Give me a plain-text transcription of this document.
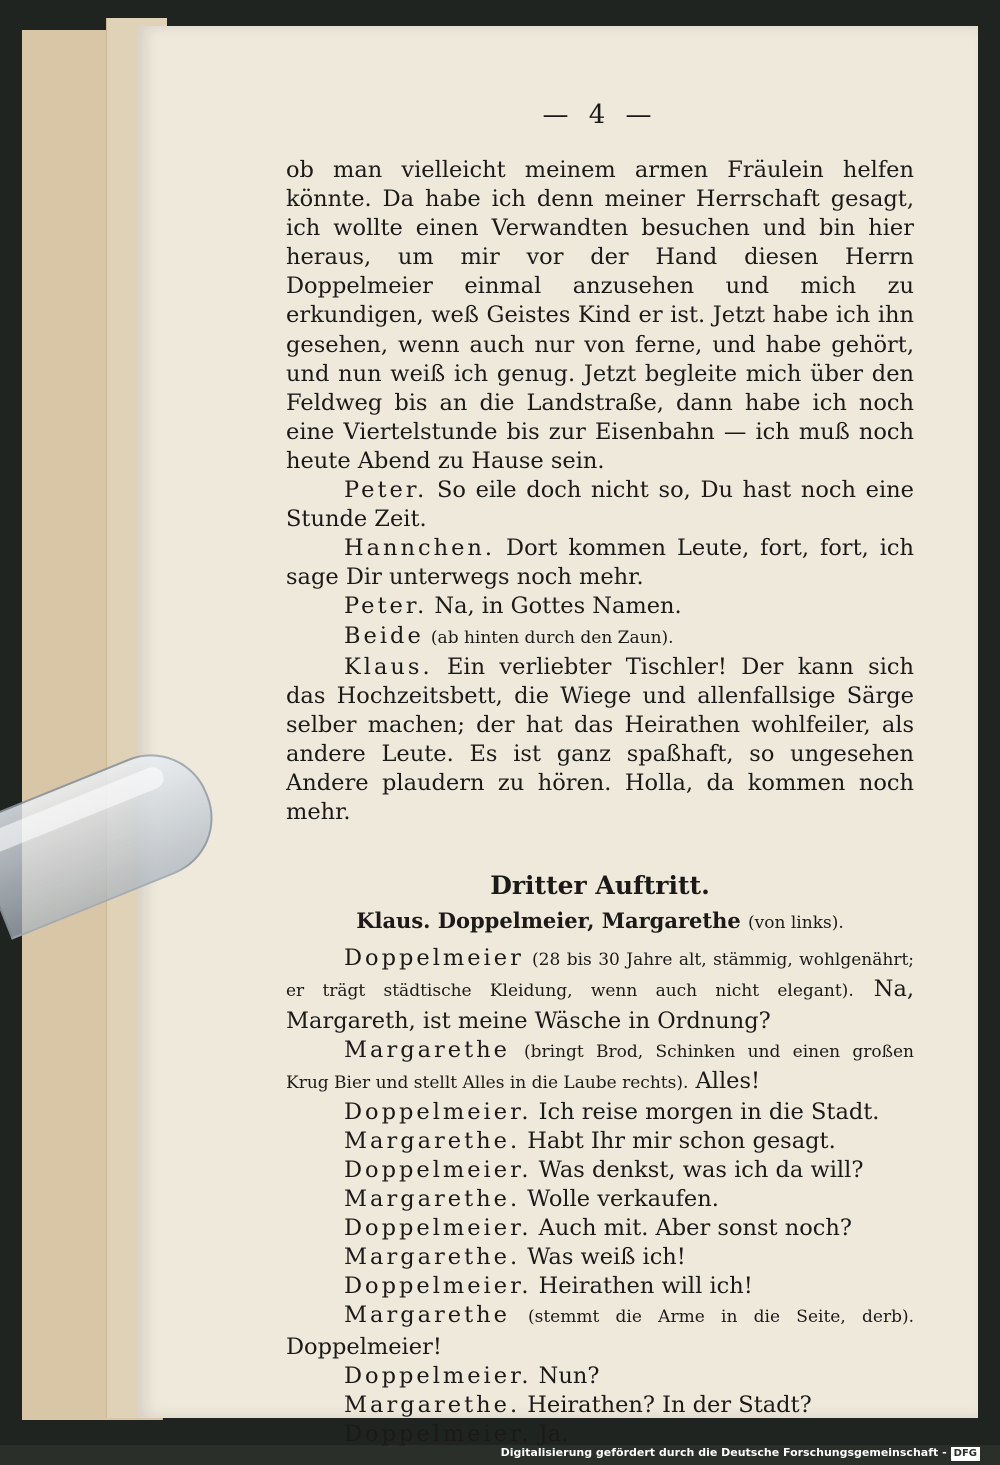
— 4 —

ob man vielleicht meinem armen Fräulein helfen könnte. Da habe ich denn meiner Herrschaft gesagt, ich wollte einen Verwandten besuchen und bin hier heraus, um mir vor der Hand diesen Herrn Doppelmeier einmal anzusehen und mich zu erkundigen, weß Geistes Kind er ist. Jetzt habe ich ihn gesehen, wenn auch nur von ferne, und habe gehört, und nun weiß ich genug. Jetzt begleite mich über den Feldweg bis an die Landstraße, dann habe ich noch eine Viertelstunde bis zur Eisenbahn — ich muß noch heute Abend zu Hause sein.

Peter. So eile doch nicht so, Du hast noch eine Stunde Zeit.

Hannchen. Dort kommen Leute, fort, fort, ich sage Dir unterwegs noch mehr.

Peter. Na, in Gottes Namen.

Beide (ab hinten durch den Zaun).

Klaus. Ein verliebter Tischler! Der kann sich das Hochzeitsbett, die Wiege und allenfallsige Särge selber machen; der hat das Heirathen wohlfeiler, als andere Leute. Es ist ganz spaßhaft, so ungesehen Andere plaudern zu hören. Holla, da kommen noch mehr.

Dritter Auftritt.

Klaus. Doppelmeier, Margarethe (von links).

Doppelmeier (28 bis 30 Jahre alt, stämmig, wohlgenährt; er trägt städtische Kleidung, wenn auch nicht elegant). Na, Margareth, ist meine Wäsche in Ordnung?

Margarethe (bringt Brod, Schinken und einen großen Krug Bier und stellt Alles in die Laube rechts). Alles!

Doppelmeier. Ich reise morgen in die Stadt.

Margarethe. Habt Ihr mir schon gesagt.

Doppelmeier. Was denkst, was ich da will?

Margarethe. Wolle verkaufen.

Doppelmeier. Auch mit. Aber sonst noch?

Margarethe. Was weiß ich!

Doppelmeier. Heirathen will ich!

Margarethe (stemmt die Arme in die Seite, derb). Doppelmeier!

Doppelmeier. Nun?

Margarethe. Heirathen? In der Stadt?

Doppelmeier. Ja.

Digitalisierung gefördert durch die Deutsche Forschungsgemeinschaft - DFG
